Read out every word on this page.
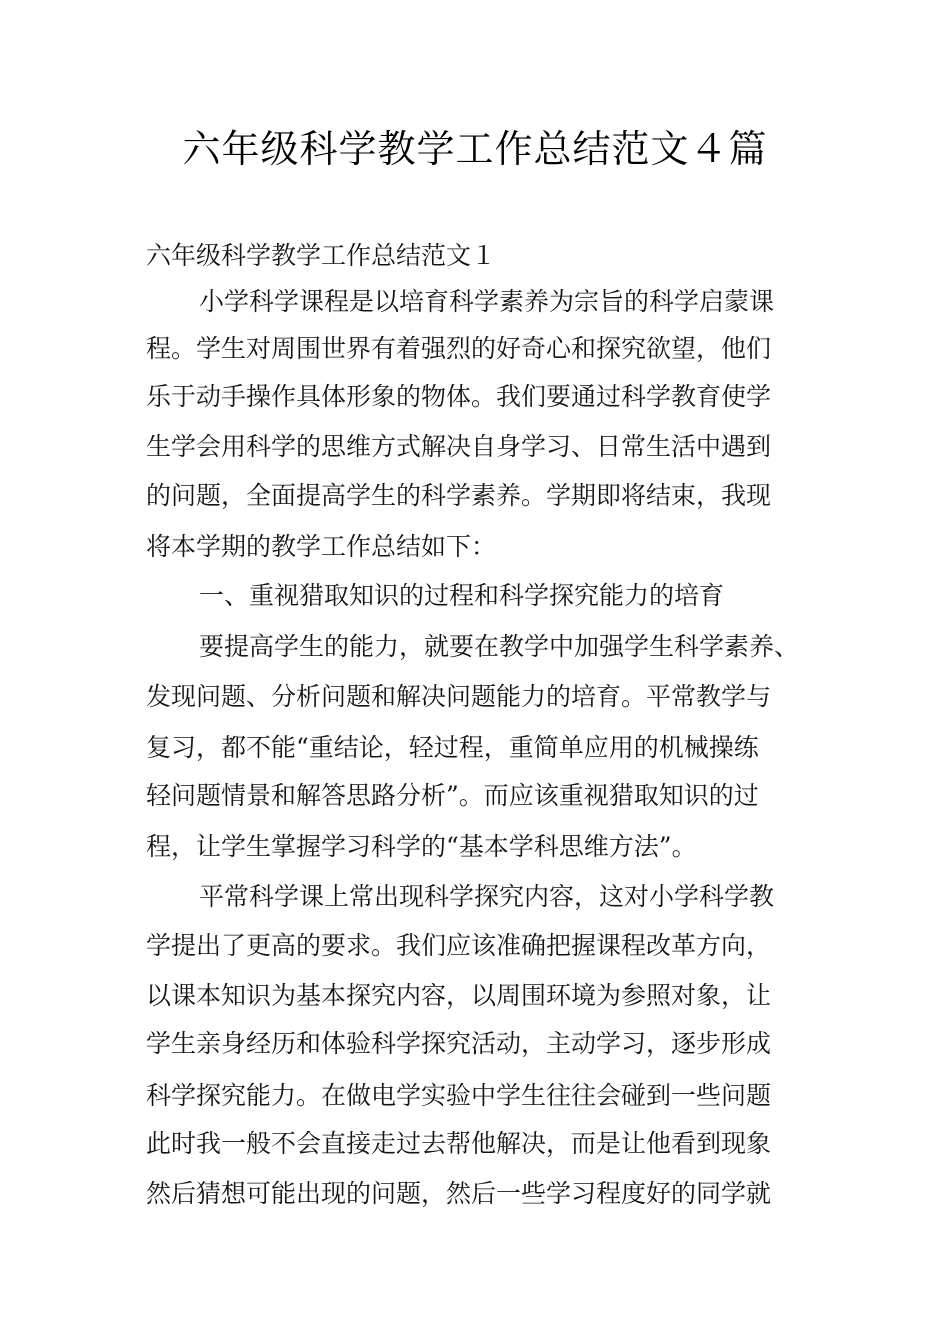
六年级科学教学工作总结范文４篇
六年级科学教学工作总结范文１
小学科学课程是以培育科学素养为宗旨的科学启蒙课
程。学生对周围世界有着强烈的好奇心和探究欲望，他们
乐于动手操作具体形象的物体。我们要通过科学教育使学
生学会用科学的思维方式解决自身学习、日常生活中遇到
的问题，全面提高学生的科学素养。学期即将结束，我现
将本学期的教学工作总结如下：
一、重视猎取知识的过程和科学探究能力的培育
要提高学生的能力，就要在教学中加强学生科学素养、
发现问题、分析问题和解决问题能力的培育。平常教学与
复习，都不能“重结论，轻过程，重简单应用的机械操练
轻问题情景和解答思路分析”。而应该重视猎取知识的过
程，让学生掌握学习科学的“基本学科思维方法”。
平常科学课上常出现科学探究内容，这对小学科学教
学提出了更高的要求。我们应该准确把握课程改革方向，
以课本知识为基本探究内容，以周围环境为参照对象，让
学生亲身经历和体验科学探究活动，主动学习，逐步形成
科学探究能力。在做电学实验中学生往往会碰到一些问题
此时我一般不会直接走过去帮他解决，而是让他看到现象
然后猜想可能出现的问题，然后一些学习程度好的同学就
